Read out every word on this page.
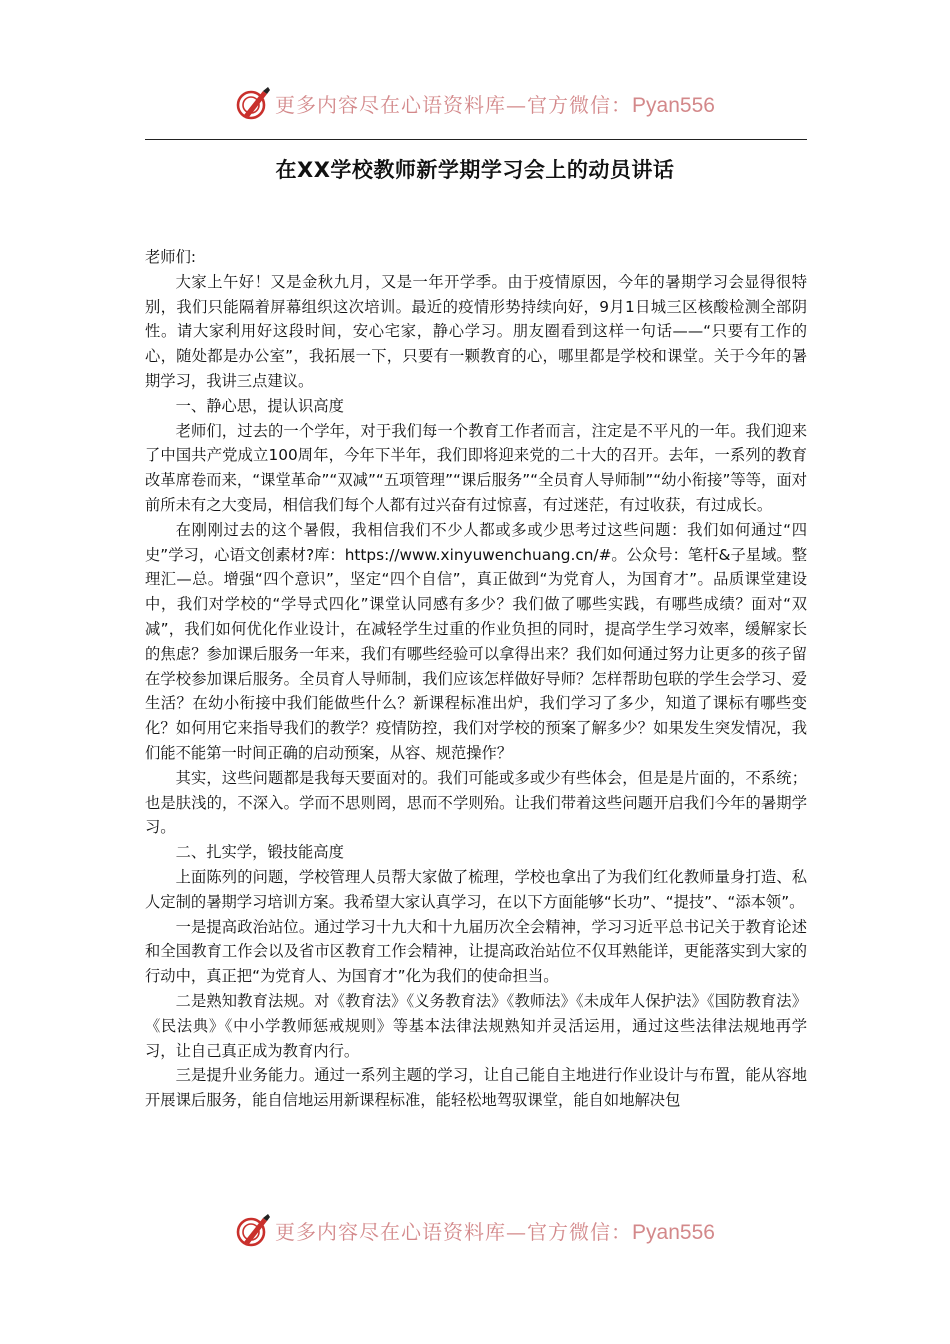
更多内容尽在心语资料库—官方微信：Pyan556
在XX学校教师新学期学习会上的动员讲话

老师们:

大家上午好！又是金秋九月，又是一年开学季。由于疫情原因，今年的暑期学习会显得很特别，我们只能隔着屏幕组织这次培训。最近的疫情形势持续向好，9月1日城三区核酸检测全部阴性。请大家利用好这段时间，安心宅家，静心学习。朋友圈看到这样一句话——“只要有工作的心，随处都是办公室”，我拓展一下，只要有一颗教育的心，哪里都是学校和课堂。关于今年的暑期学习，我讲三点建议。

一、静心思，提认识高度

老师们，过去的一个学年，对于我们每一个教育工作者而言，注定是不平凡的一年。我们迎来了中国共产党成立100周年，今年下半年，我们即将迎来党的二十大的召开。去年，一系列的教育改革席卷而来，“课堂革命”“双减”“五项管理”“课后服务”“全员育人导师制”“幼小衔接”等等，面对前所未有之大变局，相信我们每个人都有过兴奋有过惊喜，有过迷茫，有过收获，有过成长。

在刚刚过去的这个暑假，我相信我们不少人都或多或少思考过这些问题：我们如何通过“四史”学习，心语文创素材?库：https://www.xinyuwenchuang.cn/#。公众号：笔杆&子星域。整理汇—总。增强“四个意识”，坚定“四个自信”，真正做到“为党育人，为国育才”。品质课堂建设中，我们对学校的“学导式四化”课堂认同感有多少？我们做了哪些实践，有哪些成绩？面对“双减”，我们如何优化作业设计，在减轻学生过重的作业负担的同时，提高学生学习效率，缓解家长的焦虑？参加课后服务一年来，我们有哪些经验可以拿得出来？我们如何通过努力让更多的孩子留在学校参加课后服务。全员育人导师制，我们应该怎样做好导师？怎样帮助包联的学生会学习、爱生活？在幼小衔接中我们能做些什么？新课程标准出炉，我们学习了多少，知道了课标有哪些变化？如何用它来指导我们的教学？疫情防控，我们对学校的预案了解多少？如果发生突发情况，我们能不能第一时间正确的启动预案，从容、规范操作？

其实，这些问题都是我每天要面对的。我们可能或多或少有些体会，但是是片面的，不系统；也是肤浅的，不深入。学而不思则罔，思而不学则殆。让我们带着这些问题开启我们今年的暑期学习。

二、扎实学，锻技能高度

上面陈列的问题，学校管理人员帮大家做了梳理，学校也拿出了为我们红化教师量身打造、私人定制的暑期学习培训方案。我希望大家认真学习，在以下方面能够“长功”、“提技”、“添本领”。

一是提高政治站位。通过学习十九大和十九届历次全会精神，学习习近平总书记关于教育论述和全国教育工作会以及省市区教育工作会精神，让提高政治站位不仅耳熟能详，更能落实到大家的行动中，真正把“为党育人、为国育才”化为我们的使命担当。

二是熟知教育法规。对《教育法》《义务教育法》《教师法》《未成年人保护法》《国防教育法》《民法典》《中小学教师惩戒规则》等基本法律法规熟知并灵活运用，通过这些法律法规地再学习，让自己真正成为教育内行。

三是提升业务能力。通过一系列主题的学习，让自己能自主地进行作业设计与布置，能从容地开展课后服务，能自信地运用新课程标准，能轻松地驾驭课堂，能自如地解决包

更多内容尽在心语资料库—官方微信：Pyan556
